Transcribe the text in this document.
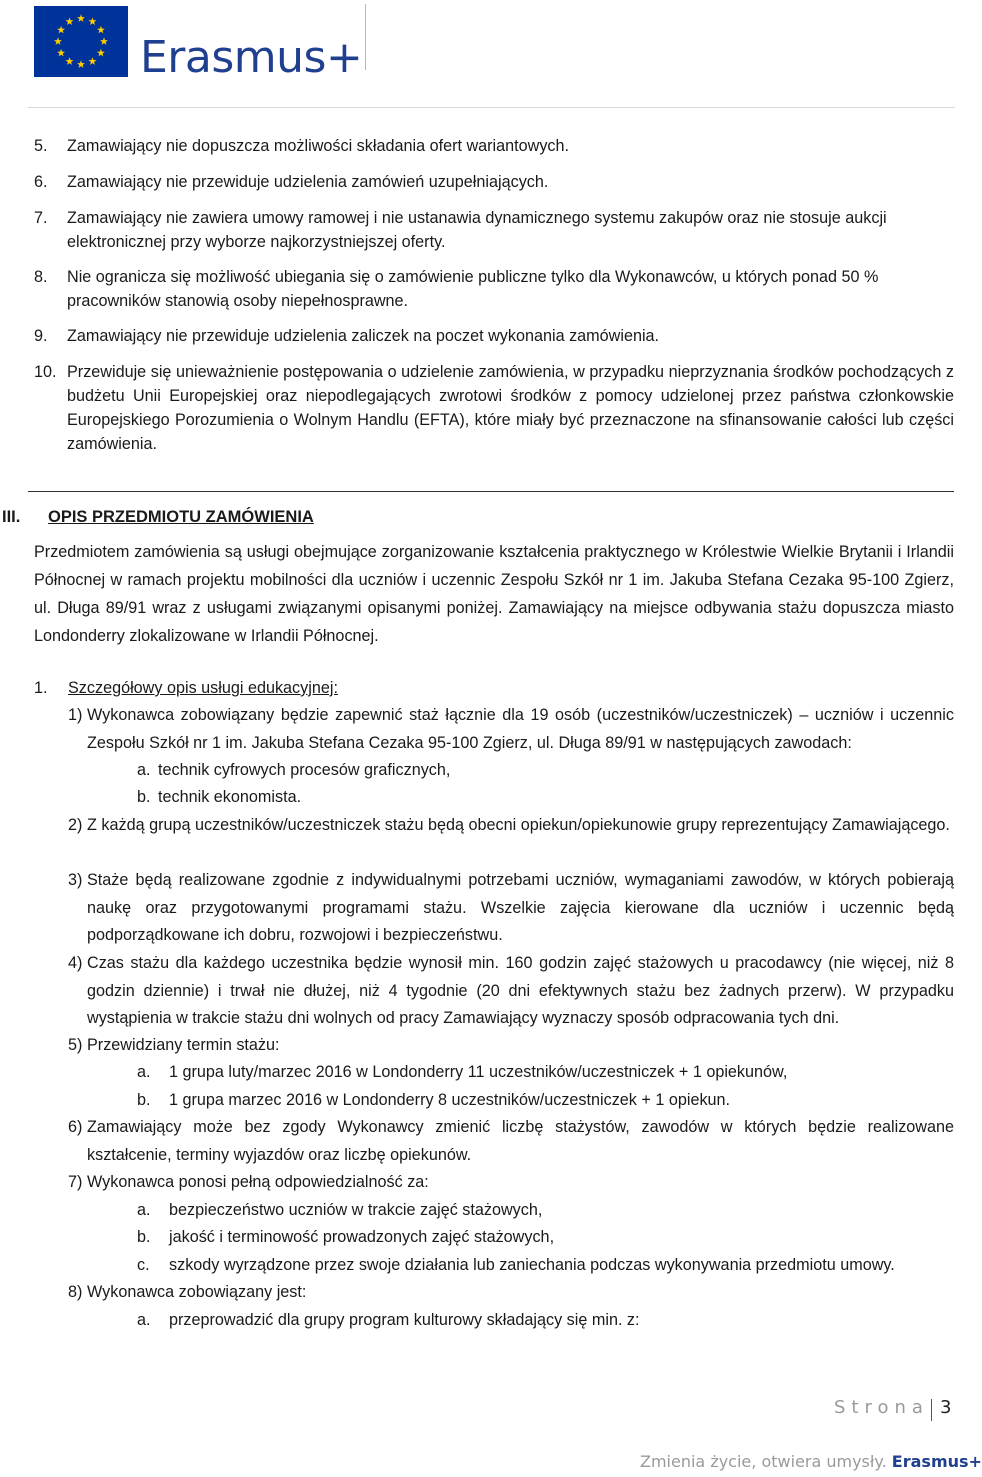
Erasmus+
5. Zamawiający nie dopuszcza możliwości składania ofert wariantowych.
6. Zamawiający nie przewiduje udzielenia zamówień uzupełniających.
7. Zamawiający nie zawiera umowy ramowej i nie ustanawia dynamicznego systemu zakupów oraz nie stosuje aukcji elektronicznej przy wyborze najkorzystniejszej oferty.
8. Nie ogranicza się możliwość ubiegania się o zamówienie publiczne tylko dla Wykonawców, u których ponad 50 % pracowników stanowią osoby niepełnosprawne.
9. Zamawiający nie przewiduje udzielenia zaliczek na poczet wykonania zamówienia.
10. Przewiduje się unieważnienie postępowania o udzielenie zamówienia, w przypadku nieprzyznania środków pochodzących z budżetu Unii Europejskiej oraz niepodlegających zwrotowi środków z pomocy udzielonej przez państwa członkowskie Europejskiego Porozumienia o Wolnym Handlu (EFTA), które miały być przeznaczone na sfinansowanie całości lub części zamówienia.
III. OPIS PRZEDMIOTU ZAMÓWIENIA
Przedmiotem zamówienia są usługi obejmujące zorganizowanie kształcenia praktycznego w Królestwie Wielkie Brytanii i Irlandii Północnej w ramach projektu mobilności dla uczniów i uczennic Zespołu Szkół nr 1 im. Jakuba Stefana Cezaka 95-100 Zgierz, ul. Długa 89/91 wraz z usługami związanymi opisanymi poniżej. Zamawiający na miejsce odbywania stażu dopuszcza miasto Londonderry zlokalizowane w Irlandii Północnej.
1. Szczegółowy opis usługi edukacyjnej:
1) Wykonawca zobowiązany będzie zapewnić staż łącznie dla 19 osób (uczestników/uczestniczek) – uczniów i uczennic Zespołu Szkół nr 1 im. Jakuba Stefana Cezaka 95-100 Zgierz, ul. Długa 89/91 w następujących zawodach:
a. technik cyfrowych procesów graficznych,
b. technik ekonomista.
2) Z każdą grupą uczestników/uczestniczek stażu będą obecni opiekun/opiekunowie grupy reprezentujący Zamawiającego.
3) Staże będą realizowane zgodnie z indywidualnymi potrzebami uczniów, wymaganiami zawodów, w których pobierają naukę oraz przygotowanymi programami stażu. Wszelkie zajęcia kierowane dla uczniów i uczennic będą podporządkowane ich dobru, rozwojowi i bezpieczeństwu.
4) Czas stażu dla każdego uczestnika będzie wynosił min. 160 godzin zajęć stażowych u pracodawcy (nie więcej, niż 8 godzin dziennie) i trwał nie dłużej, niż 4 tygodnie (20 dni efektywnych stażu bez żadnych przerw). W przypadku wystąpienia w trakcie stażu dni wolnych od pracy Zamawiający wyznaczy sposób odpracowania tych dni.
5) Przewidziany termin stażu:
a. 1 grupa luty/marzec 2016 w Londonderry 11 uczestników/uczestniczek + 1 opiekunów,
b. 1 grupa marzec 2016 w Londonderry 8 uczestników/uczestniczek + 1 opiekun.
6) Zamawiający może bez zgody Wykonawcy zmienić liczbę stażystów, zawodów w których będzie realizowane kształcenie, terminy wyjazdów oraz liczbę opiekunów.
7) Wykonawca ponosi pełną odpowiedzialność za:
a. bezpieczeństwo uczniów w trakcie zajęć stażowych,
b. jakość i terminowość prowadzonych zajęć stażowych,
c. szkody wyrządzone przez swoje działania lub zaniechania podczas wykonywania przedmiotu umowy.
8) Wykonawca zobowiązany jest:
a. przeprowadzić dla grupy program kulturowy składający się min. z:
Strona 3
Zmienia życie, otwiera umysły. Erasmus+
